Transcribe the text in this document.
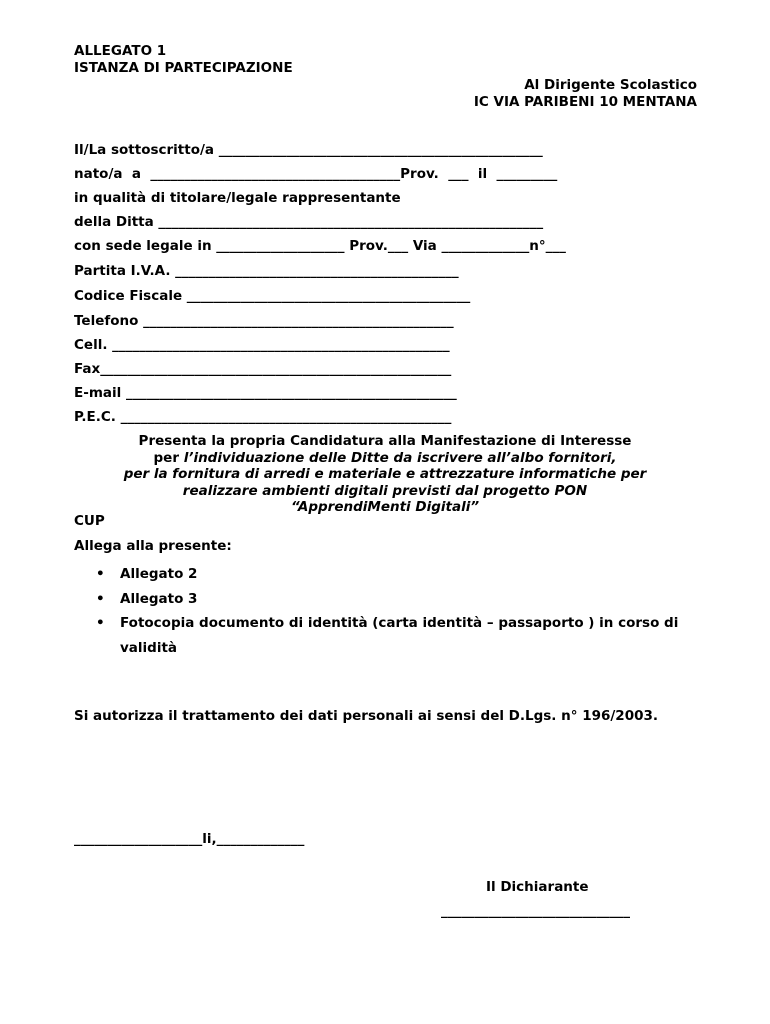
ALLEGATO 1
ISTANZA DI PARTECIPAZIONE
Al Dirigente Scolastico
IC VIA PARIBENI 10 MENTANA
Il/La sottoscritto/a ________________________________________________
nato/a  a  _____________________________________Prov.  ___  il  _________
in qualità di titolare/legale rappresentante
della Ditta _________________________________________________________
con sede legale in ___________________ Prov.___ Via _____________n°___
Partita I.V.A. __________________________________________
Codice Fiscale __________________________________________
Telefono ______________________________________________
Cell. __________________________________________________
Fax____________________________________________________
E-mail _________________________________________________
P.E.C. _________________________________________________
Presenta la propria Candidatura alla Manifestazione di Interesse
per l’individuazione delle Ditte da iscrivere all’albo fornitori,
per la fornitura di arredi e materiale e attrezzature informatiche per
realizzare ambienti digitali previsti dal progetto PON
“ApprendiMenti Digitali”
CUP
Allega alla presente:
• Allegato 2
• Allegato 3
• Fotocopia documento di identità (carta identità – passaporto ) in corso di validità
Si autorizza il trattamento dei dati personali ai sensi del D.Lgs. n° 196/2003.
___________________li,_____________
Il Dichiarante
____________________________
